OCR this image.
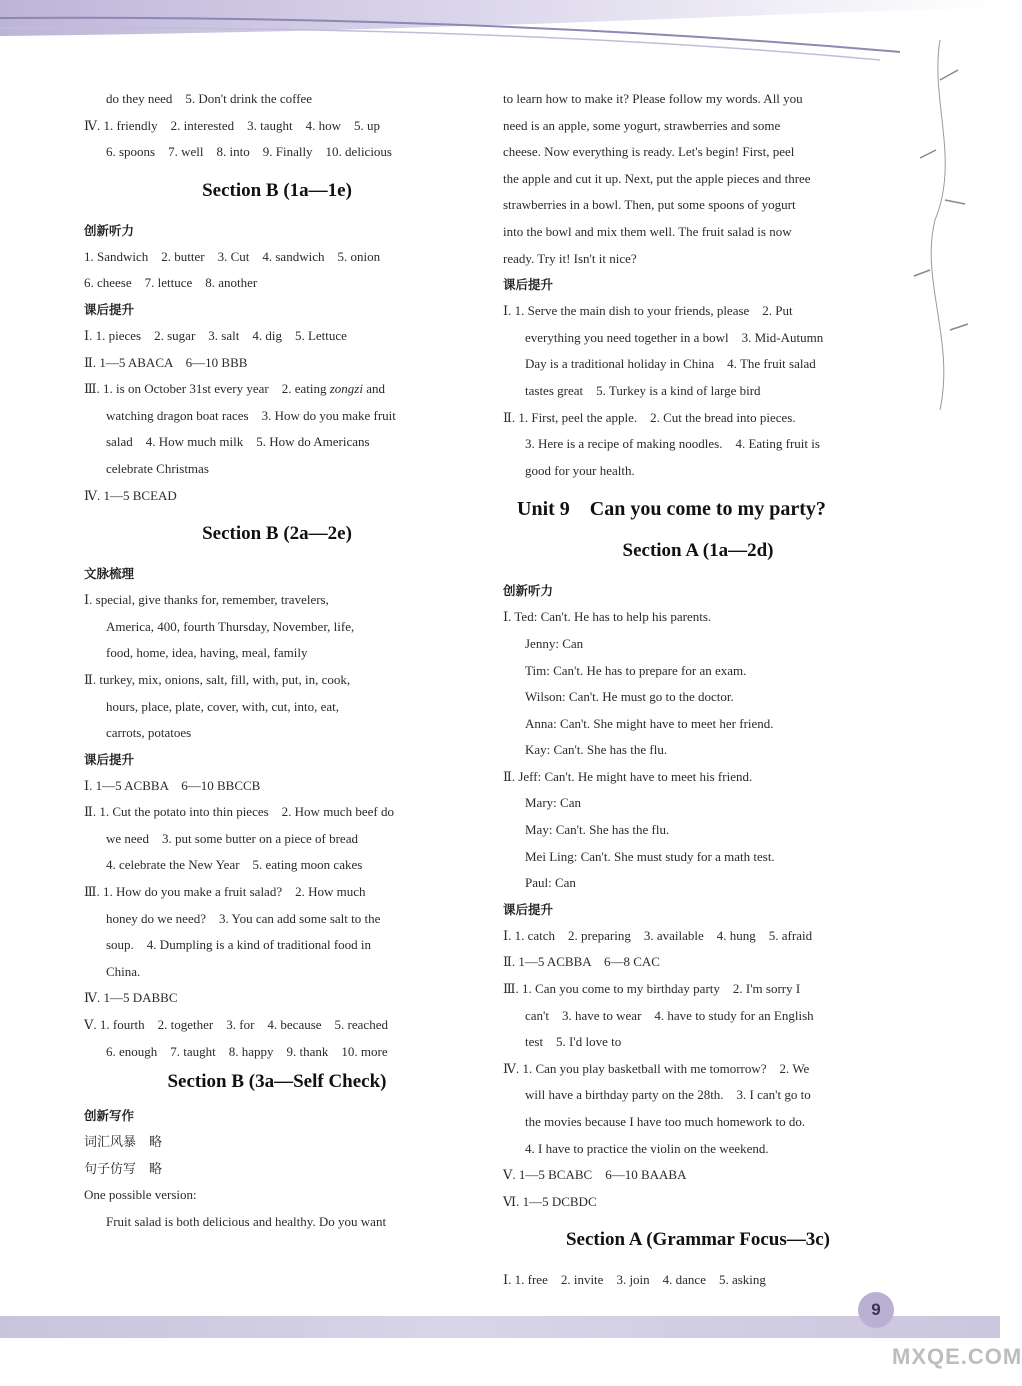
do they need　5. Don't drink the coffee
Ⅳ. 1. friendly　2. interested　3. taught　4. how　5. up
6. spoons　7. well　8. into　9. Finally　10. delicious
Section B (1a—1e)
创新听力
1. Sandwich　2. butter　3. Cut　4. sandwich　5. onion
6. cheese　7. lettuce　8. another
课后提升
Ⅰ. 1. pieces　2. sugar　3. salt　4. dig　5. Lettuce
Ⅱ. 1—5 ABACA　6—10 BBB
Ⅲ. 1. is on October 31st every year　2. eating zongzi and
watching dragon boat races　3. How do you make fruit
salad　4. How much milk　5. How do Americans
celebrate Christmas
Ⅳ. 1—5 BCEAD
Section B (2a—2e)
文脉梳理
Ⅰ. special, give thanks for, remember, travelers,
America, 400, fourth Thursday, November, life,
food, home, idea, having, meal, family
Ⅱ. turkey, mix, onions, salt, fill, with, put, in, cook,
hours, place, plate, cover, with, cut, into, eat,
carrots, potatoes
课后提升
Ⅰ. 1—5 ACBBA　6—10 BBCCB
Ⅱ. 1. Cut the potato into thin pieces　2. How much beef do
we need　3. put some butter on a piece of bread
4. celebrate the New Year　5. eating moon cakes
Ⅲ. 1. How do you make a fruit salad?　2. How much
honey do we need?　3. You can add some salt to the
soup.　4. Dumpling is a kind of traditional food in
China.
Ⅳ. 1—5 DABBC
Ⅴ. 1. fourth　2. together　3. for　4. because　5. reached
6. enough　7. taught　8. happy　9. thank　10. more
Section B (3a—Self Check)
创新写作
词汇风暴　略
句子仿写　略
One possible version:
Fruit salad is both delicious and healthy. Do you want
to learn how to make it? Please follow my words. All you
need is an apple, some yogurt, strawberries and some
cheese. Now everything is ready. Let's begin! First, peel
the apple and cut it up. Next, put the apple pieces and three
strawberries in a bowl. Then, put some spoons of yogurt
into the bowl and mix them well. The fruit salad is now
ready. Try it! Isn't it nice?
课后提升
Ⅰ. 1. Serve the main dish to your friends, please　2. Put
everything you need together in a bowl　3. Mid-Autumn
Day is a traditional holiday in China　4. The fruit salad
tastes great　5. Turkey is a kind of large bird
Ⅱ. 1. First, peel the apple.　2. Cut the bread into pieces.
3. Here is a recipe of making noodles.　4. Eating fruit is
good for your health.
Unit 9　Can you come to my party?
Section A (1a—2d)
创新听力
Ⅰ. Ted: Can't. He has to help his parents.
Jenny: Can
Tim: Can't. He has to prepare for an exam.
Wilson: Can't. He must go to the doctor.
Anna: Can't. She might have to meet her friend.
Kay: Can't. She has the flu.
Ⅱ. Jeff: Can't. He might have to meet his friend.
Mary: Can
May: Can't. She has the flu.
Mei Ling: Can't. She must study for a math test.
Paul: Can
课后提升
Ⅰ. 1. catch　2. preparing　3. available　4. hung　5. afraid
Ⅱ. 1—5 ACBBA　6—8 CAC
Ⅲ. 1. Can you come to my birthday party　2. I'm sorry I
can't　3. have to wear　4. have to study for an English
test　5. I'd love to
Ⅳ. 1. Can you play basketball with me tomorrow?　2. We
will have a birthday party on the 28th.　3. I can't go to
the movies because I have too much homework to do.
4. I have to practice the violin on the weekend.
Ⅴ. 1—5 BCABC　6—10 BAABA
Ⅵ. 1—5 DCBDC
Section A (Grammar Focus—3c)
Ⅰ. 1. free　2. invite　3. join　4. dance　5. asking
9
MXQE.COM
